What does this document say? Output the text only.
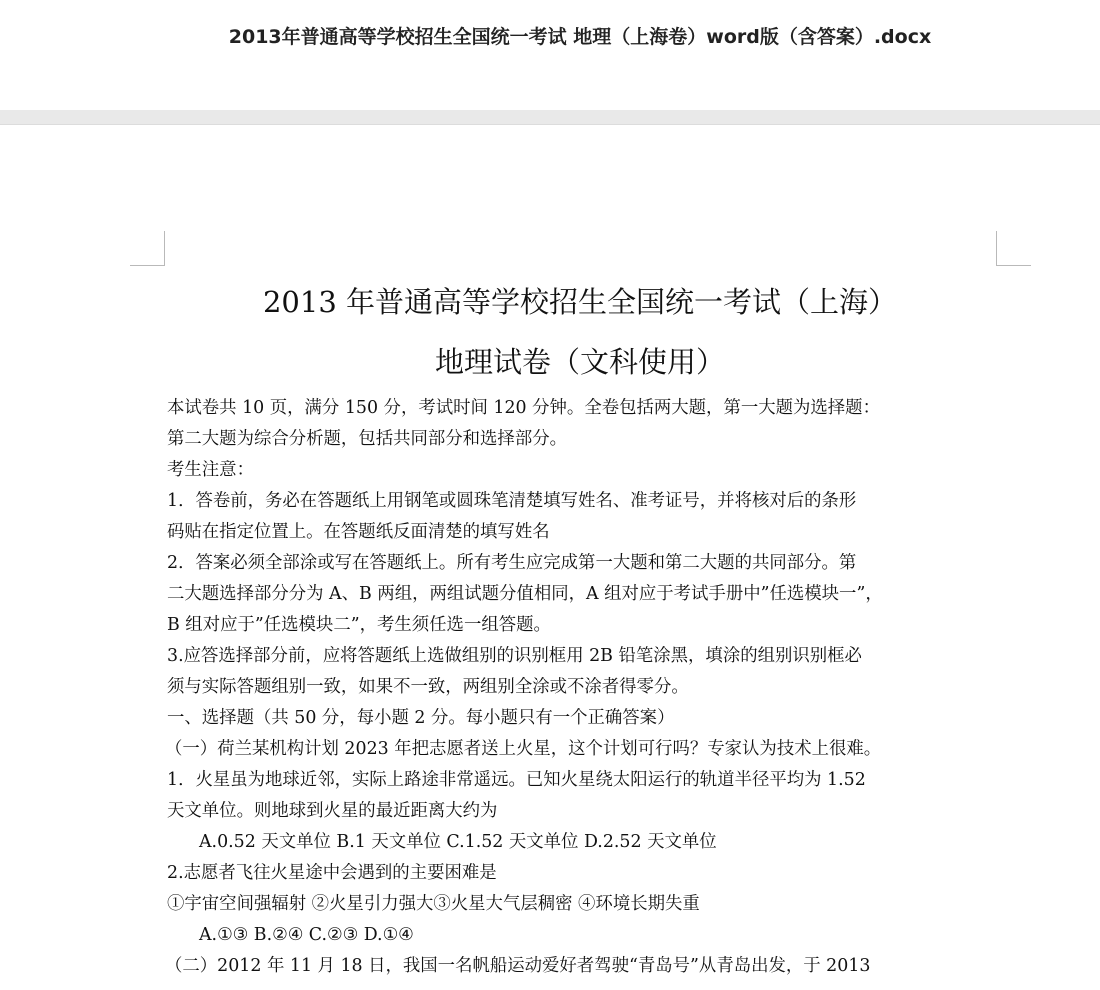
2013年普通高等学校招生全国统一考试 地理（上海卷）word版（含答案）.docx
2013 年普通高等学校招生全国统一考试（上海）
地理试卷（文科使用）
本试卷共 10 页，满分 150 分，考试时间 120 分钟。全卷包括两大题，第一大题为选择题：
第二大题为综合分析题，包括共同部分和选择部分。
考生注意：
1．答卷前，务必在答题纸上用钢笔或圆珠笔清楚填写姓名、准考证号，并将核对后的条形
码贴在指定位置上。在答题纸反面清楚的填写姓名
2．答案必须全部涂或写在答题纸上。所有考生应完成第一大题和第二大题的共同部分。第
二大题选择部分分为 A、B 两组，两组试题分值相同，A 组对应于考试手册中”任选模块一”，
B 组对应于”任选模块二”，考生须任选一组答题。
3.应答选择部分前，应将答题纸上选做组别的识别框用 2B 铅笔涂黑，填涂的组别识别框必
须与实际答题组别一致，如果不一致，两组别全涂或不涂者得零分。
一、选择题（共 50 分，每小题 2 分。每小题只有一个正确答案）
（一）荷兰某机构计划 2023 年把志愿者送上火星，这个计划可行吗？专家认为技术上很难。
1．火星虽为地球近邻，实际上路途非常遥远。已知火星绕太阳运行的轨道半径平均为 1.52
天文单位。则地球到火星的最近距离大约为
A.0.52 天文单位 B.1 天文单位 C.1.52 天文单位 D.2.52 天文单位
2.志愿者飞往火星途中会遇到的主要困难是
①宇宙空间强辐射 ②火星引力强大③火星大气层稠密 ④环境长期失重
A.①③ B.②④ C.②③ D.①④
（二）2012 年 11 月 18 日，我国一名帆船运动爱好者驾驶“青岛号”从青岛出发，于 2013
